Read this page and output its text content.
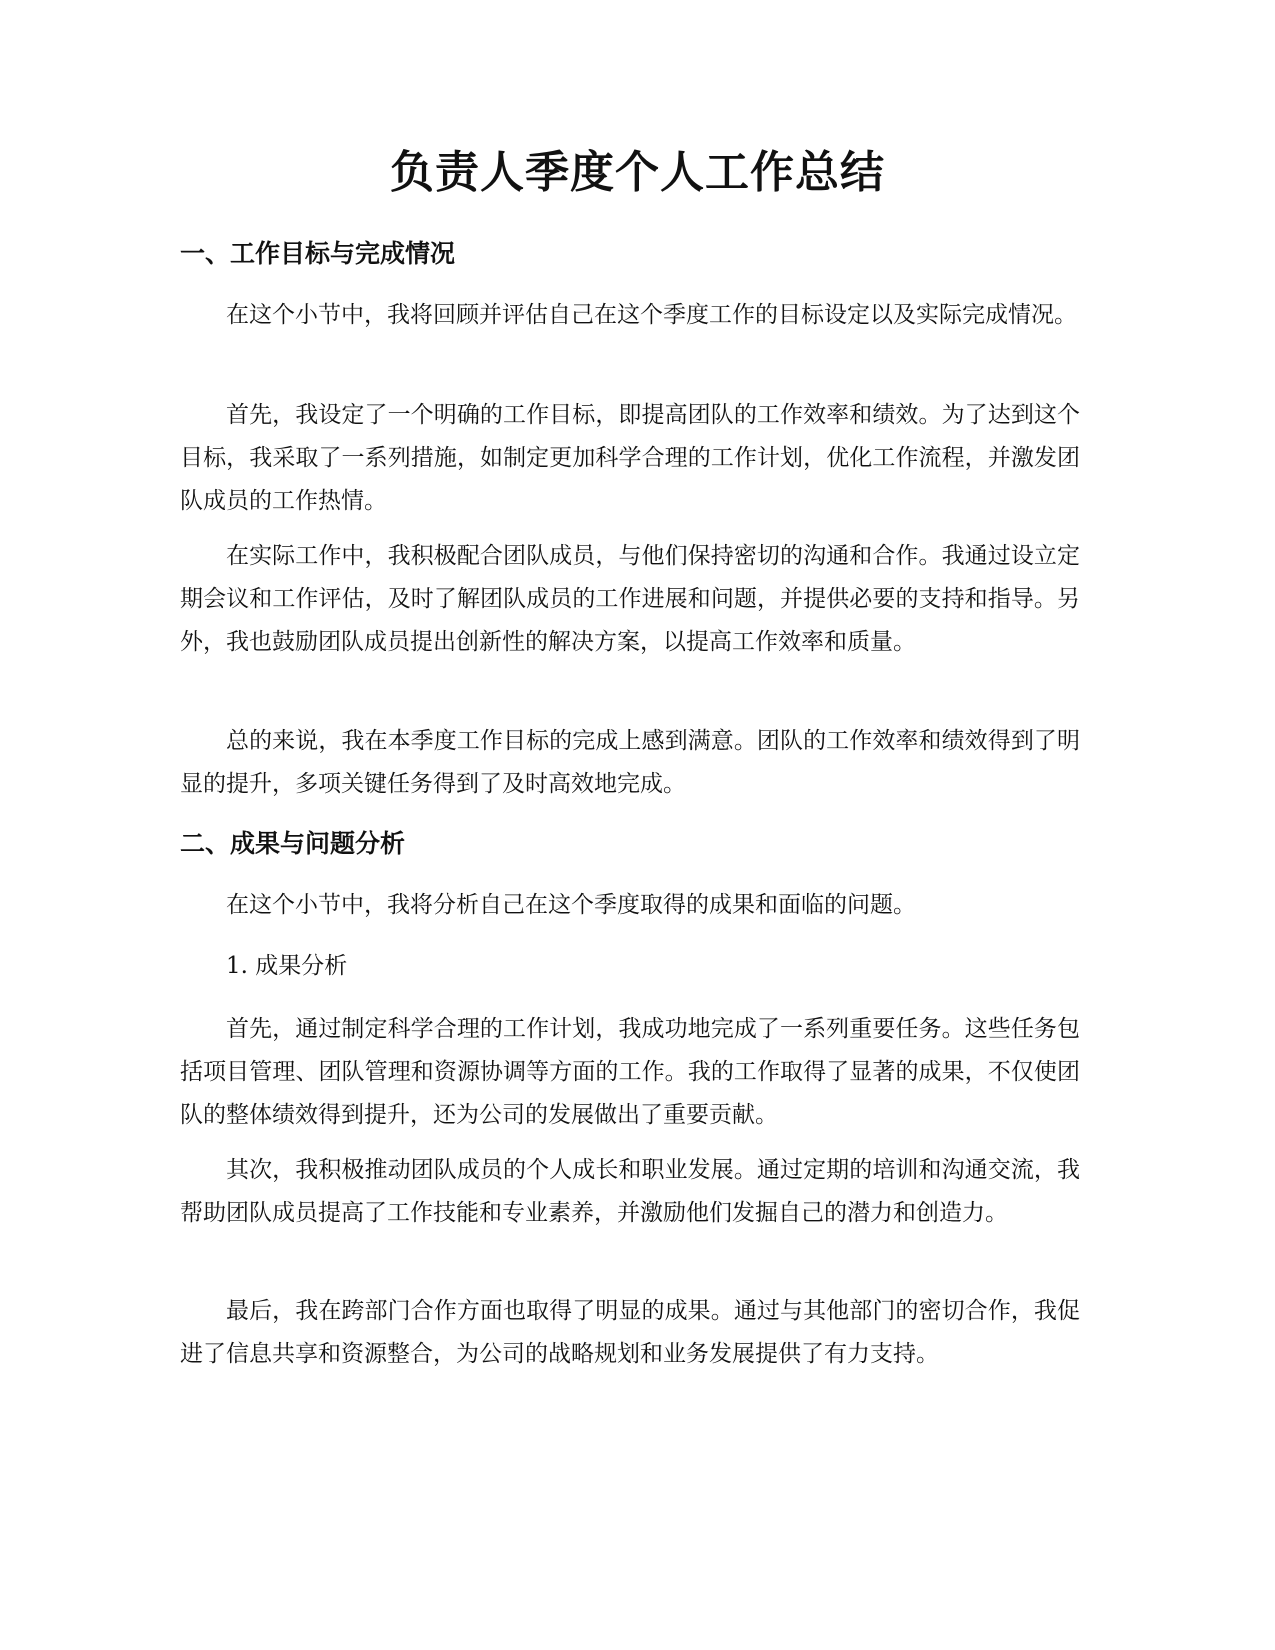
负责人季度个人工作总结
一、工作目标与完成情况

在这个小节中，我将回顾并评估自己在这个季度工作的目标设定以及实际完成情况。

首先，我设定了一个明确的工作目标，即提高团队的工作效率和绩效。为了达到这个目标，我采取了一系列措施，如制定更加科学合理的工作计划，优化工作流程，并激发团队成员的工作热情。

在实际工作中，我积极配合团队成员，与他们保持密切的沟通和合作。我通过设立定期会议和工作评估，及时了解团队成员的工作进展和问题，并提供必要的支持和指导。另外，我也鼓励团队成员提出创新性的解决方案，以提高工作效率和质量。

总的来说，我在本季度工作目标的完成上感到满意。团队的工作效率和绩效得到了明显的提升，多项关键任务得到了及时高效地完成。

二、成果与问题分析

在这个小节中，我将分析自己在这个季度取得的成果和面临的问题。

1. 成果分析

首先，通过制定科学合理的工作计划，我成功地完成了一系列重要任务。这些任务包括项目管理、团队管理和资源协调等方面的工作。我的工作取得了显著的成果，不仅使团队的整体绩效得到提升，还为公司的发展做出了重要贡献。

其次，我积极推动团队成员的个人成长和职业发展。通过定期的培训和沟通交流，我帮助团队成员提高了工作技能和专业素养，并激励他们发掘自己的潜力和创造力。

最后，我在跨部门合作方面也取得了明显的成果。通过与其他部门的密切合作，我促进了信息共享和资源整合，为公司的战略规划和业务发展提供了有力支持。
